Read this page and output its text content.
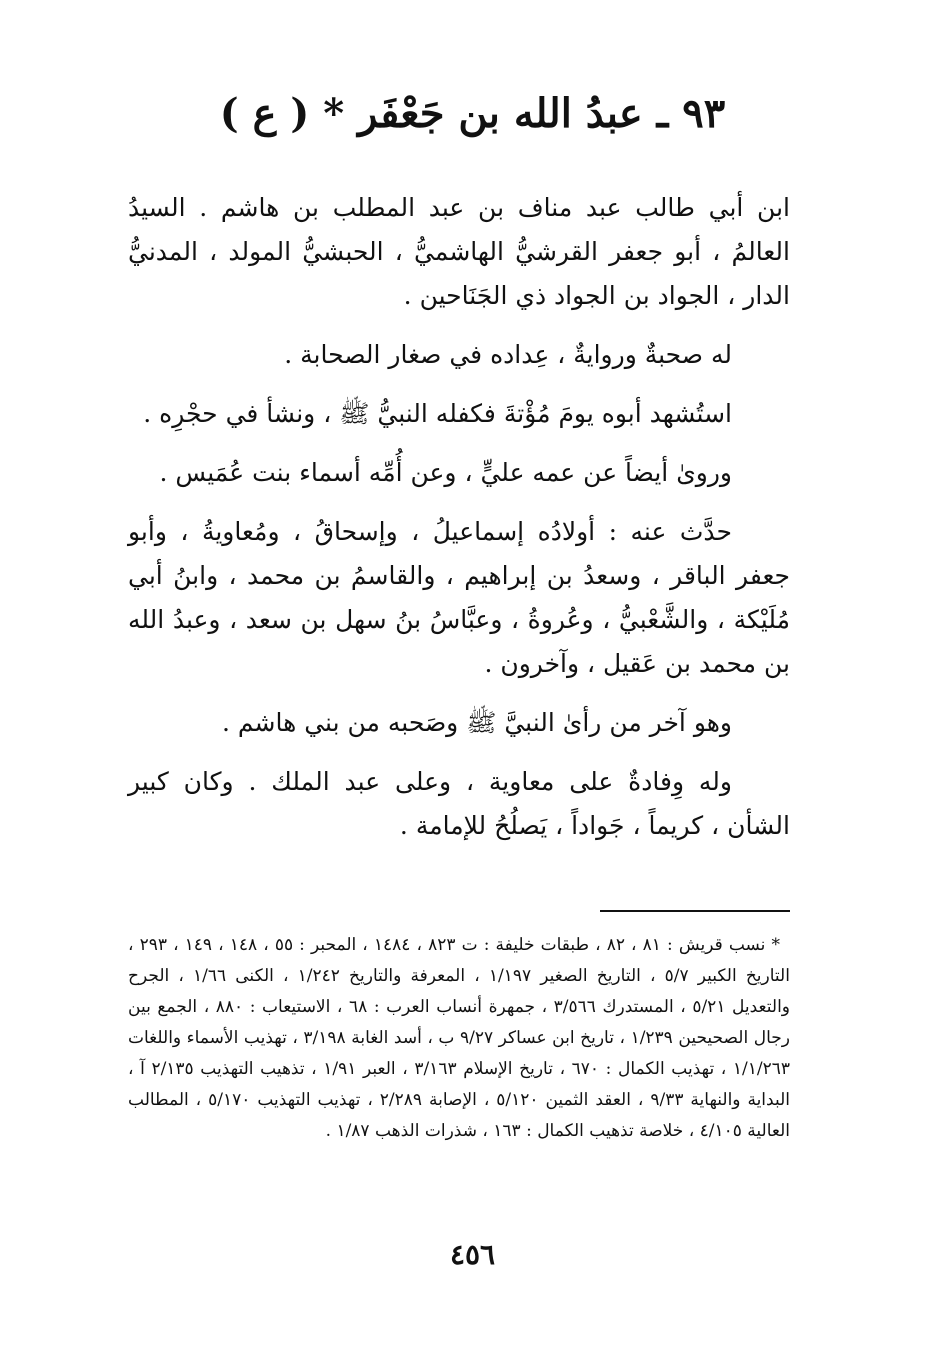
٩٣ ـ عبدُ الله بن جَعْفَر * ( ع )

ابن أبي طالب عبد مناف بن عبد المطلب بن هاشم . السيدُ العالمُ ، أبو جعفر القرشيُّ الهاشميُّ ، الحبشيُّ المولد ، المدنيُّ الدار ، الجواد بن الجواد ذي الجَنَاحين .

له صحبةٌ وروايةٌ ، عِداده في صغار الصحابة .

استُشهد أبوه يومَ مُؤْتةَ فكفله النبيُّ ﷺ ، ونشأ في حجْرِه .

وروىٰ أيضاً عن عمه عليٍّ ، وعن أُمِّه أسماء بنت عُمَيس .

حدَّث عنه : أولادُه إسماعيلُ ، وإسحاقُ ، ومُعاويةُ ، وأبو جعفر الباقر ، وسعدُ بن إبراهيم ، والقاسمُ بن محمد ، وابنُ أبي مُلَيْكة ، والشَّعْبيُّ ، وعُروةُ ، وعبَّاسُ بنُ سهل بن سعد ، وعبدُ الله بن محمد بن عَقيل ، وآخرون .

وهو آخر من رأىٰ النبيَّ ﷺ وصَحبه من بني هاشم .

وله وِفادةٌ على معاوية ، وعلى عبد الملك . وكان كبير الشأن ، كريماً ، جَواداً ، يَصلُحُ للإمامة .

* نسب قريش : ٨١ ، ٨٢ ، طبقات خليفة : ت ٨٢٣ ، ١٤٨٤ ، المحبر : ٥٥ ، ١٤٨ ، ١٤٩ ، ٢٩٣ ، التاريخ الكبير ٥/٧ ، التاريخ الصغير ١/١٩٧ ، المعرفة والتاريخ ١/٢٤٢ ، الكنى ١/٦٦ ، الجرح والتعديل ٥/٢١ ، المستدرك ٣/٥٦٦ ، جمهرة أنساب العرب : ٦٨ ، الاستيعاب : ٨٨٠ ، الجمع بين رجال الصحيحين ١/٢٣٩ ، تاريخ ابن عساكر ٩/٢٧ ب ، أسد الغابة ٣/١٩٨ ، تهذيب الأسماء واللغات ١/١/٢٦٣ ، تهذيب الكمال : ٦٧٠ ، تاريخ الإسلام ٣/١٦٣ ، العبر ١/٩١ ، تذهيب التهذيب ٢/١٣٥ آ ، البداية والنهاية ٩/٣٣ ، العقد الثمين ٥/١٢٠ ، الإصابة ٢/٢٨٩ ، تهذيب التهذيب ٥/١٧٠ ، المطالب العالية ٤/١٠٥ ، خلاصة تذهيب الكمال : ١٦٣ ، شذرات الذهب ١/٨٧ .

٤٥٦
